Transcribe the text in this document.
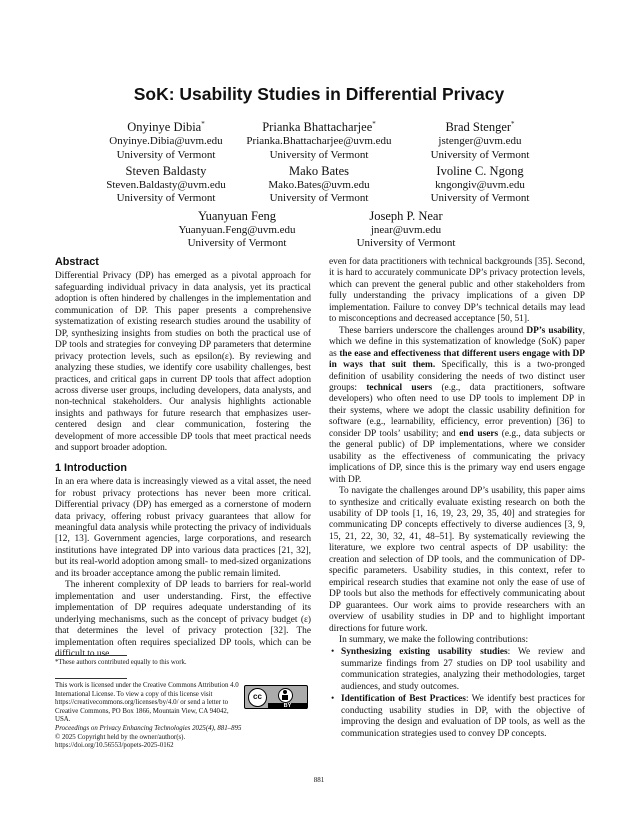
SoK: Usability Studies in Differential Privacy
Onyinye Dibia*
Onyinye.Dibia@uvm.edu
University of Vermont
Prianka Bhattacharjee*
Prianka.Bhattacharjee@uvm.edu
University of Vermont
Brad Stenger*
jstenger@uvm.edu
University of Vermont
Steven Baldasty
Steven.Baldasty@uvm.edu
University of Vermont
Mako Bates
Mako.Bates@uvm.edu
University of Vermont
Ivoline C. Ngong
kngongiv@uvm.edu
University of Vermont
Yuanyuan Feng
Yuanyuan.Feng@uvm.edu
University of Vermont
Joseph P. Near
jnear@uvm.edu
University of Vermont
Abstract

Differential Privacy (DP) has emerged as a pivotal approach for safeguarding individual privacy in data analysis, yet its practical adoption is often hindered by challenges in the implementation and communication of DP. This paper presents a comprehensive systematization of existing research studies around the usability of DP, synthesizing insights from studies on both the practical use of DP tools and strategies for conveying DP parameters that determine privacy protection levels, such as epsilon(ε). By reviewing and analyzing these studies, we identify core usability challenges, best practices, and critical gaps in current DP tools that affect adoption across diverse user groups, including developers, data analysts, and non-technical stakeholders. Our analysis highlights actionable insights and pathways for future research that emphasizes user-centered design and clear communication, fostering the development of more accessible DP tools that meet practical needs and support broader adoption.

1 Introduction

In an era where data is increasingly viewed as a vital asset, the need for robust privacy protections has never been more critical. Differential privacy (DP) has emerged as a cornerstone of modern data privacy, offering robust privacy guarantees that allow for meaningful data analysis while protecting the privacy of individuals [12, 13]. Government agencies, large corporations, and research institutions have integrated DP into various data practices [21, 32], but its real-world adoption among small- to med-sized organizations and its broader acceptance among the public remain limited.

The inherent complexity of DP leads to barriers for real-world implementation and user understanding. First, the effective implementation of DP requires adequate understanding of its underlying mechanisms, such as the concept of privacy budget (ε) that determines the level of privacy protection [32]. The implementation often requires specialized DP tools, which can be difficult to use

*These authors contributed equally to this work.
This work is licensed under the Creative Commons Attribution 4.0 International License. To view a copy of this license visit https://creativecommons.org/licenses/by/4.0/ or send a letter to Creative Commons, PO Box 1866, Mountain View, CA 94042, USA.
Proceedings on Privacy Enhancing Technologies 2025(4), 881–895
© 2025 Copyright held by the owner/author(s).
https://doi.org/10.56553/popets-2025-0162
cc
BY

even for data practitioners with technical backgrounds [35]. Second, it is hard to accurately communicate DP’s privacy protection levels, which can prevent the general public and other stakeholders from fully understanding the privacy implications of a given DP implementation. Failure to convey DP’s technical details may lead to misconceptions and decreased acceptance [50, 51].

These barriers underscore the challenges around DP’s usability, which we define in this systematization of knowledge (SoK) paper as the ease and effectiveness that different users engage with DP in ways that suit them. Specifically, this is a two-pronged definition of usability considering the needs of two distinct user groups: technical users (e.g., data practitioners, software developers) who often need to use DP tools to implement DP in their systems, where we adopt the classic usability definition for software (e.g., learnability, efficiency, error prevention) [36] to consider DP tools’ usability; and end users (e.g., data subjects or the general public) of DP implementations, where we consider usability as the effectiveness of communicating the privacy implications of DP, since this is the primary way end users engage with DP.

To navigate the challenges around DP’s usability, this paper aims to synthesize and critically evaluate existing research on both the usability of DP tools [1, 16, 19, 23, 29, 35, 40] and strategies for communicating DP concepts effectively to diverse audiences [3, 9, 15, 21, 22, 30, 32, 41, 48–51]. By systematically reviewing the literature, we explore two central aspects of DP usability: the creation and selection of DP tools, and the communication of DP-specific parameters. Usability studies, in this context, refer to empirical research studies that examine not only the ease of use of DP tools but also the methods for effectively communicating about DP guarantees. Our work aims to provide researchers with an overview of usability studies in DP and to highlight important directions for future work.

In summary, we make the following contributions:

• Synthesizing existing usability studies: We review and summarize findings from 27 studies on DP tool usability and communication strategies, analyzing their methodologies, target audiences, and study outcomes.
• Identification of Best Practices: We identify best practices for conducting usability studies in DP, with the objective of improving the design and evaluation of DP tools, as well as the communication strategies used to convey DP concepts.
881
